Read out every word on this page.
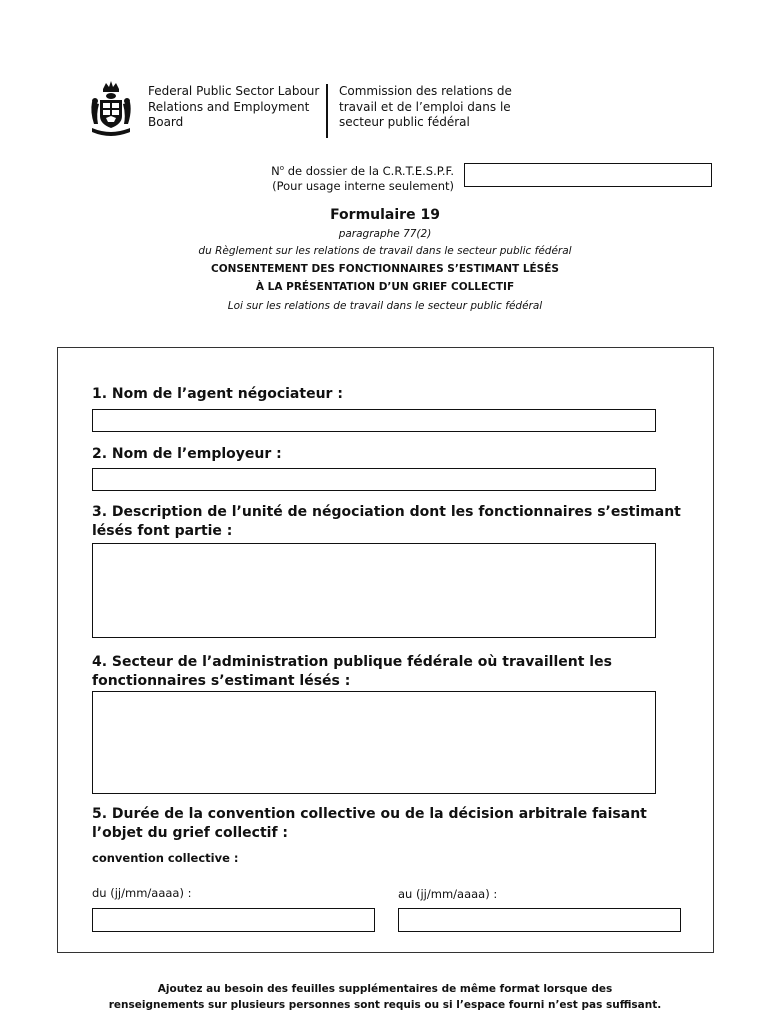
Federal Public Sector Labour Relations and Employment Board
Commission des relations de travail et de l’emploi dans le secteur public fédéral
$N^o$ de dossier de la C.R.T.E.S.P.F.
(Pour usage interne seulement)
Formulaire 19
paragraphe 77(2)
du Règlement sur les relations de travail dans le secteur public fédéral
CONSENTEMENT DES FONCTIONNAIRES S’ESTIMANT LÉSÉS
À LA PRÉSENTATION D’UN GRIEF COLLECTIF
Loi sur les relations de travail dans le secteur public fédéral
1. Nom de l’agent négociateur :
2. Nom de l’employeur :
3. Description de l’unité de négociation dont les fonctionnaires s’estimant lésés font partie :
4. Secteur de l’administration publique fédérale où travaillent les fonctionnaires s’estimant lésés :
5. Durée de la convention collective ou de la décision arbitrale faisant l’objet du grief collectif :
convention collective :
du (jj/mm/aaaa) :	au (jj/mm/aaaa) :
Ajoutez au besoin des feuilles supplémentaires de même format lorsque des
renseignements sur plusieurs personnes sont requis ou si l’espace fourni n’est pas suffisant.
